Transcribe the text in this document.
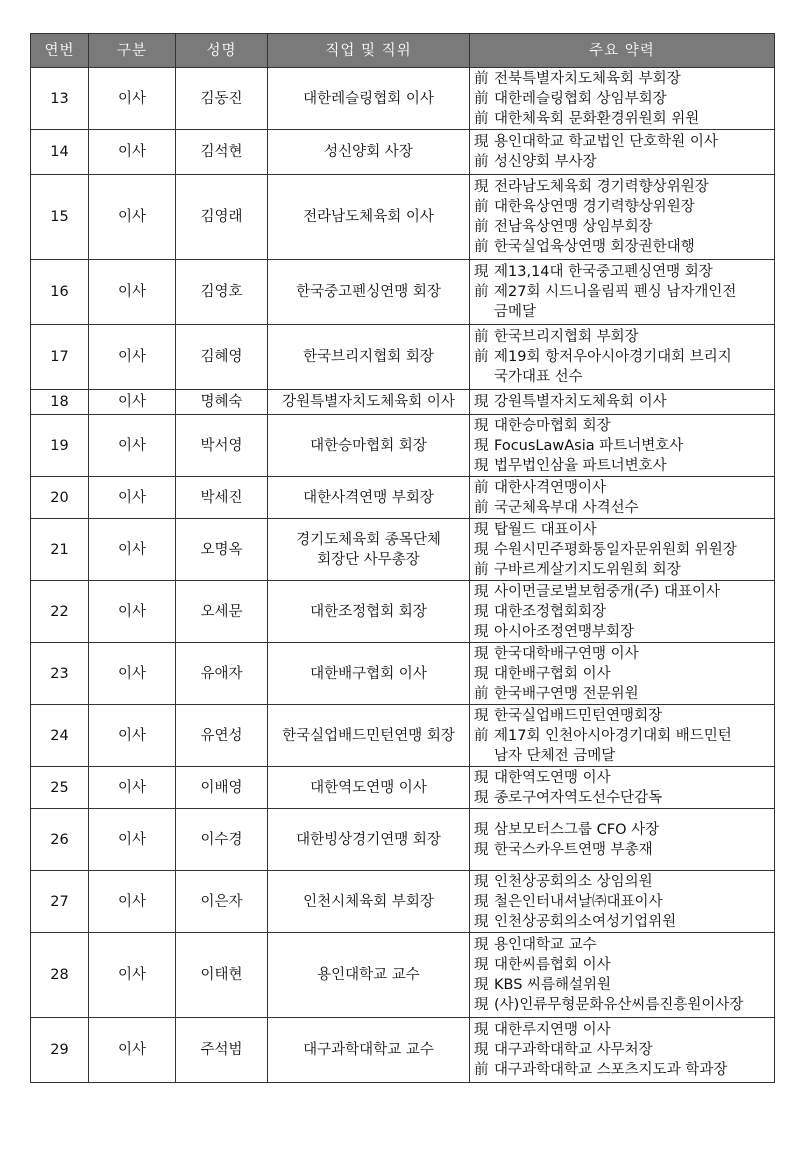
연번	구분	성명	직업 및 직위	주요 약력
13	이사	김동진	대한레슬링협회 이사	前 전북특별자치도체육회 부회장
前 대한레슬링협회 상임부회장
前 대한체육회 문화환경위원회 위원

14	이사	김석현	성신양회 사장	現 용인대학교 학교법인 단호학원 이사
前 성신양회 부사장

15	이사	김영래	전라남도체육회 이사	現 전라남도체육회 경기력향상위원장
前 대한육상연맹 경기력향상위원장
前 전남육상연맹 상임부회장
前 한국실업육상연맹 회장권한대행

16	이사	김영호	한국중고펜싱연맹 회장	現 제13,14대 한국중고펜싱연맹 회장
前 제27회 시드니올림픽 펜싱 남자개인전
금메달

17	이사	김혜영	한국브리지협회 회장	前 한국브리지협회 부회장
前 제19회 항저우아시아경기대회 브리지
국가대표 선수

18	이사	명혜숙	강원특별자치도체육회 이사	現 강원특별자치도체육회 이사

19	이사	박서영	대한승마협회 회장	現 대한승마협회 회장
現 FocusLawAsia 파트너변호사
現 법무법인삼율 파트너변호사

20	이사	박세진	대한사격연맹 부회장	前 대한사격연맹이사
前 국군체육부대 사격선수

21	이사	오명옥	경기도체육회 종목단체
회장단 사무총장	現 탑월드 대표이사
現 수원시민주평화통일자문위원회 위원장
前 구바르게살기지도위원회 회장

22	이사	오세문	대한조정협회 회장	現 사이먼글로벌보험중개(주) 대표이사
現 대한조정협회회장
現 아시아조정연맹부회장

23	이사	유애자	대한배구협회 이사	現 한국대학배구연맹 이사
現 대한배구협회 이사
前 한국배구연맹 전문위원

24	이사	유연성	한국실업배드민턴연맹 회장	現 한국실업배드민턴연맹회장
前 제17회 인천아시아경기대회 배드민턴
남자 단체전 금메달

25	이사	이배영	대한역도연맹 이사	現 대한역도연맹 이사
現 종로구여자역도선수단감독

26	이사	이수경	대한빙상경기연맹 회장	現 삼보모터스그룹 CFO 사장
現 한국스카우트연맹 부총재

27	이사	이은자	인천시체육회 부회장	現 인천상공회의소 상임의원
現 철은인터내셔날㈜대표이사
現 인천상공회의소여성기업위원

28	이사	이태현	용인대학교 교수	現 용인대학교 교수
現 대한씨름협회 이사
現 KBS 씨름해설위원
現 (사)인류무형문화유산씨름진흥원이사장

29	이사	주석범	대구과학대학교 교수	現 대한루지연맹 이사
現 대구과학대학교 사무처장
前 대구과학대학교 스포츠지도과 학과장
